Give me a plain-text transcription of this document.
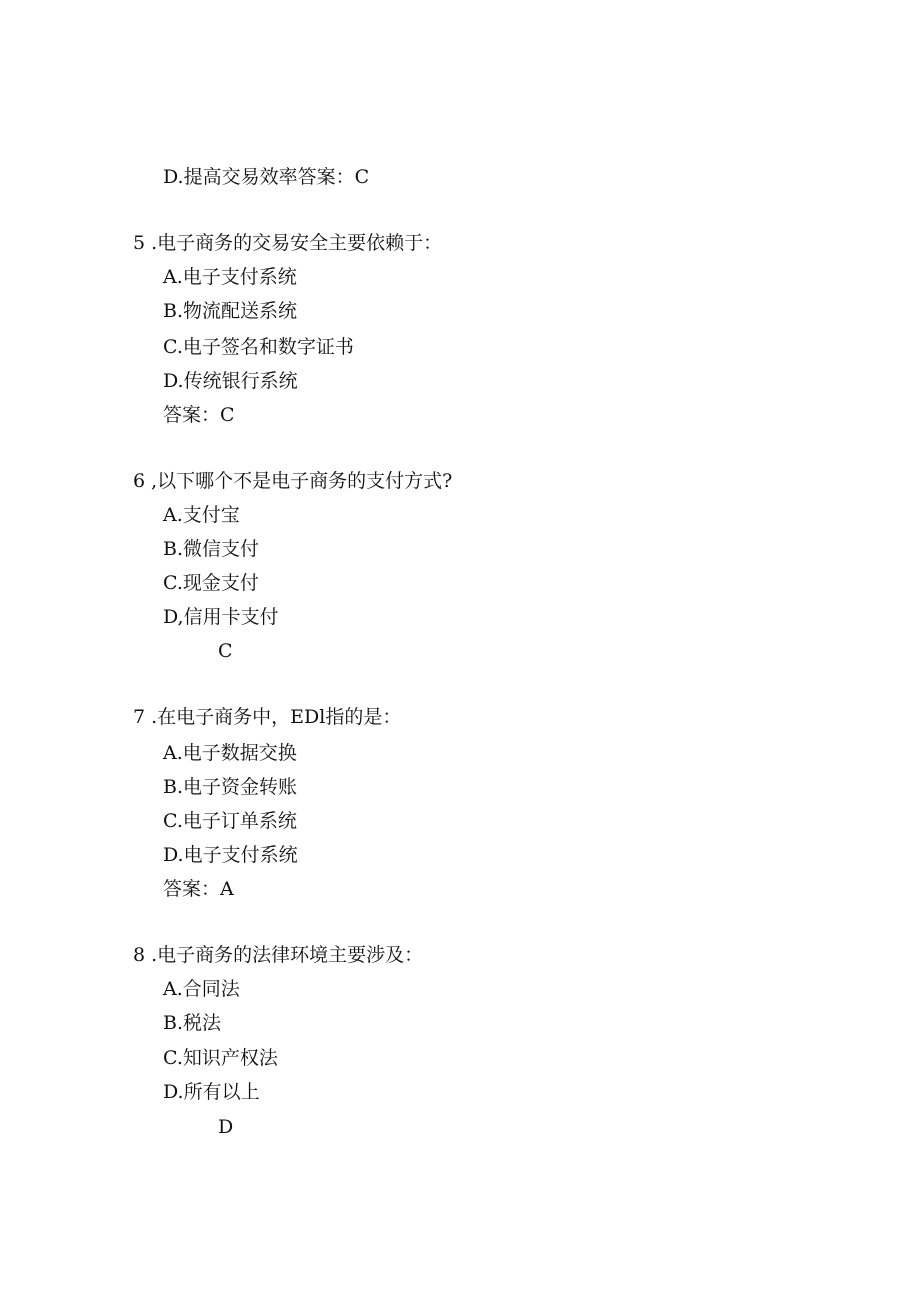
D.提高交易效率答案：C
5 .电子商务的交易安全主要依赖于：
A.电子支付系统
B.物流配送系统
C.电子签名和数字证书
D.传统银行系统
答案：C
6 ,以下哪个不是电子商务的支付方式?
A.支付宝
B.微信支付
C.现金支付
D,信用卡支付
C
7 .在电子商务中，EDl指的是：
A.电子数据交换
B.电子资金转账
C.电子订单系统
D.电子支付系统
答案：A
8 .电子商务的法律环境主要涉及：
A.合同法
B.税法
C.知识产权法
D.所有以上
D
